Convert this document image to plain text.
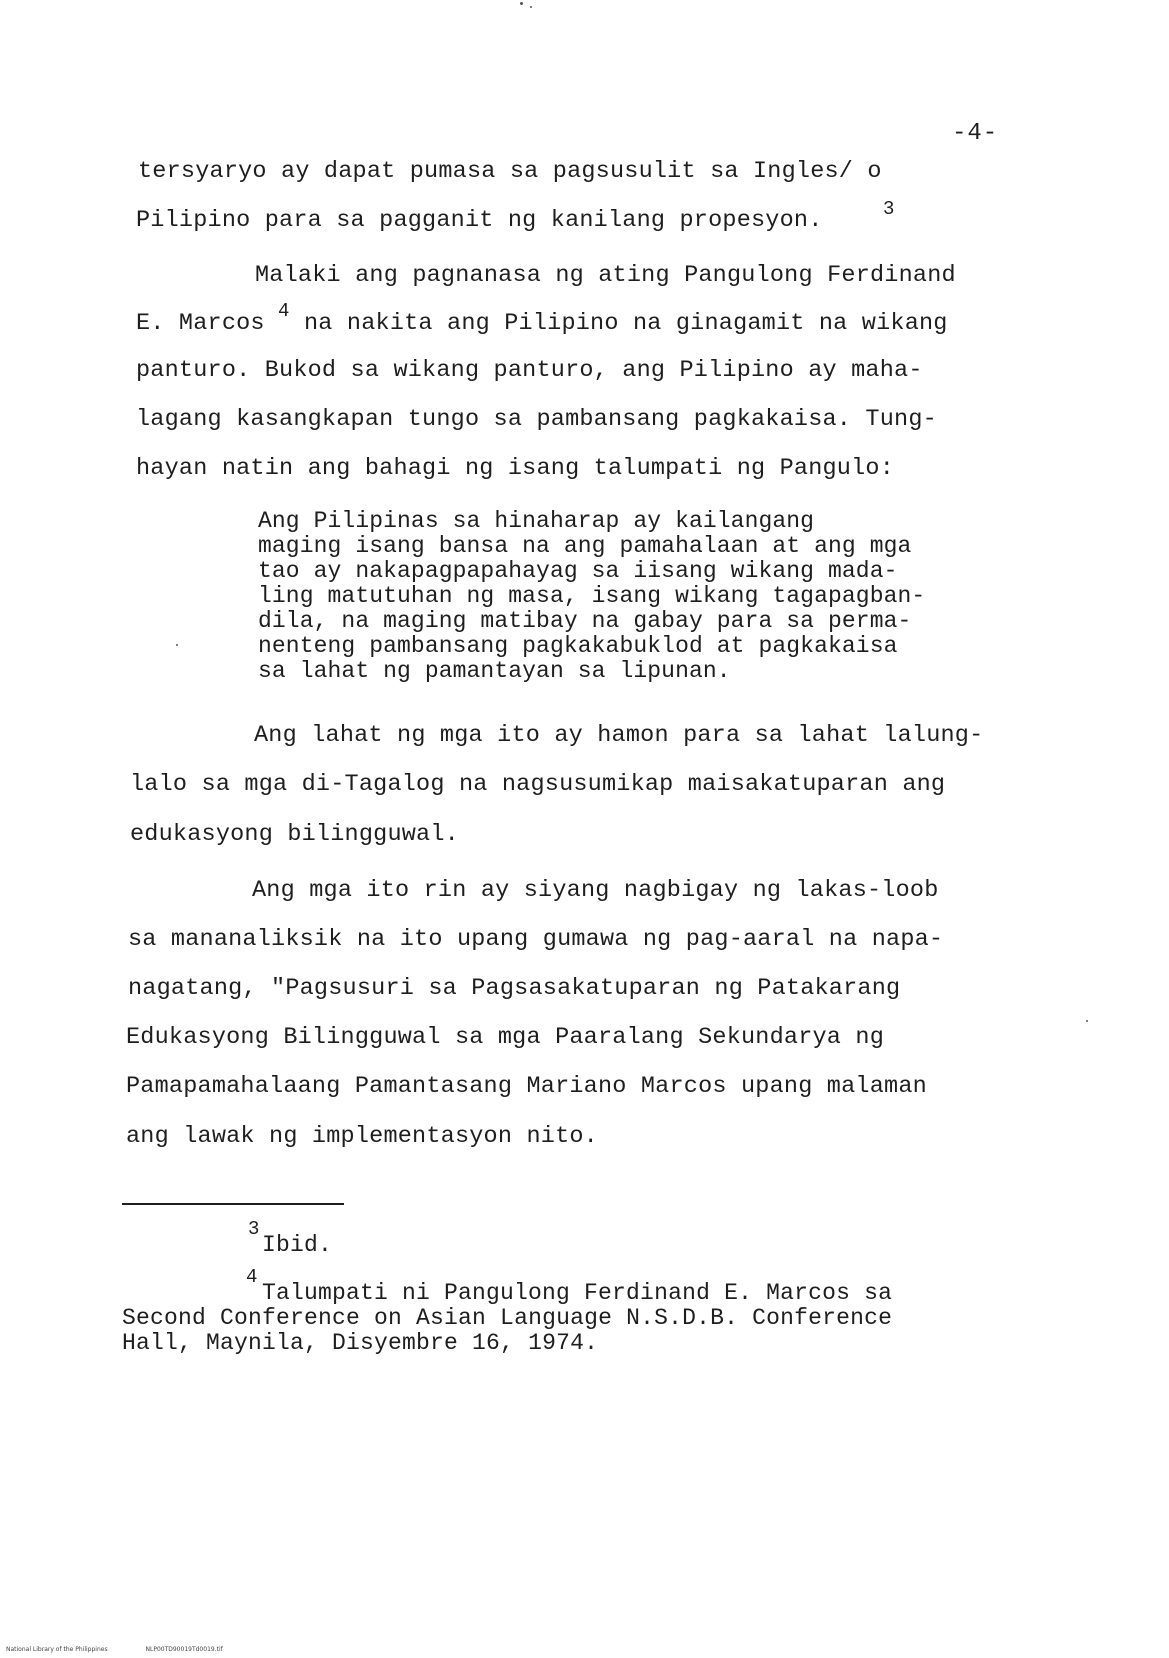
-4-
tersyaryo ay dapat pumasa sa pagsusulit sa Ingles/ o
Pilipino para sa pagganit ng kanilang propesyon.	3
Malaki ang pagnanasa ng ating Pangulong Ferdinand
E. Marcos 4 na nakita ang Pilipino na ginagamit na wikang
panturo. Bukod sa wikang panturo, ang Pilipino ay maha-
lagang kasangkapan tungo sa pambansang pagkakaisa. Tung-
hayan natin ang bahagi ng isang talumpati ng Pangulo:
Ang Pilipinas sa hinaharap ay kailangang
maging isang bansa na ang pamahalaan at ang mga
tao ay nakapagpapahayag sa iisang wikang mada-
ling matutuhan ng masa, isang wikang tagapagban-
dila, na maging matibay na gabay para sa perma-
nenteng pambansang pagkakabuklod at pagkakaisa
sa lahat ng pamantayan sa lipunan.
Ang lahat ng mga ito ay hamon para sa lahat lalung-
lalo sa mga di-Tagalog na nagsusumikap maisakatuparan ang
edukasyong bilingguwal.
Ang mga ito rin ay siyang nagbigay ng lakas-loob
sa mananaliksik na ito upang gumawa ng pag-aaral na napa-
nagatang, "Pagsusuri sa Pagsasakatuparan ng Patakarang
Edukasyong Bilingguwal sa mga Paaralang Sekundarya ng
Pamapamahalaang Pamantasang Mariano Marcos upang malaman
ang lawak ng implementasyon nito.
3
Ibid.
4
Talumpati ni Pangulong Ferdinand E. Marcos sa
Second Conference on Asian Language N.S.D.B. Conference
Hall, Maynila, Disyembre 16, 1974.
National Library of the Philippines	NLP00TD90019Td0019.tif
